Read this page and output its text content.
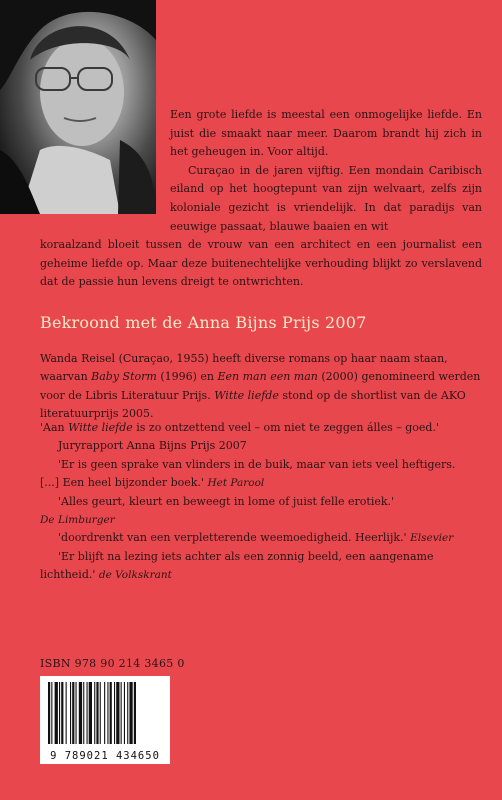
Een grote liefde is meestal een onmogelijke liefde. En juist die smaakt naar meer. Daarom brandt hij zich in het geheugen in. Voor altijd.

Curaçao in de jaren vijftig. Een mondain Caribisch eiland op het hoogtepunt van zijn welvaart, zelfs zijn koloniale gezicht is vriendelijk. In dat paradijs van eeuwige passaat, blauwe baaien en wit

koraalzand bloeit tussen de vrouw van een architect en een journalist een geheime liefde op. Maar deze buitenechtelijke verhouding blijkt zo verslavend dat de passie hun levens dreigt te ontwrichten.

Bekroond met de Anna Bijns Prijs 2007
Wanda Reisel (Curaçao, 1955) heeft diverse romans op haar naam staan, waarvan Baby Storm (1996) en Een man een man (2000) genomineerd werden voor de Libris Literatuur Prijs. Witte liefde stond op de shortlist van de AKO literatuurprijs 2005.
'Aan Witte liefde is zo ontzettend veel – om niet te zeggen álles – goed.'
Juryrapport Anna Bijns Prijs 2007
'Er is geen sprake van vlinders in de buik, maar van iets veel heftigers.
[...] Een heel bijzonder boek.' Het Parool
'Alles geurt, kleurt en beweegt in lome of juist felle erotiek.'
De Limburger
'doordrenkt van een verpletterende weemoedigheid. Heerlijk.' Elsevier
'Er blijft na lezing iets achter als een zonnig beeld, een aangename
lichtheid.' de Volkskrant
ISBN 978 90 214 3465 0
9 789021 434650
